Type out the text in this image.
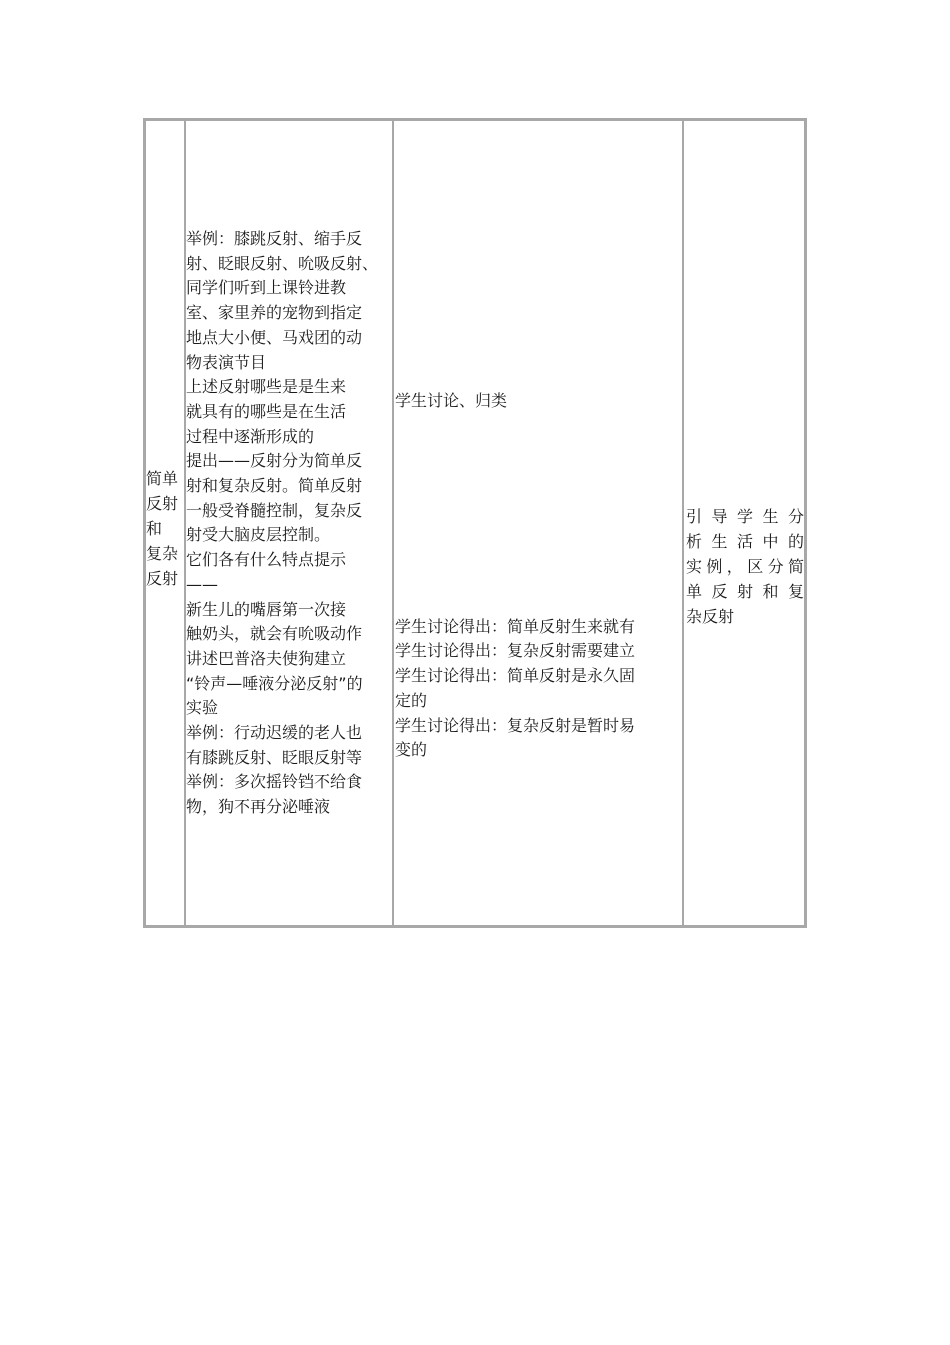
简单
反射
和
复杂
反射

举例：膝跳反射、缩手反
射、眨眼反射、吮吸反射、
同学们听到上课铃进教
室、家里养的宠物到指定
地点大小便、马戏团的动
物表演节目
上述反射哪些是是生来
就具有的哪些是在生活
过程中逐渐形成的
提出——反射分为简单反
射和复杂反射。简单反射
一般受脊髓控制，复杂反
射受大脑皮层控制。
它们各有什么特点提示
——
新生儿的嘴唇第一次接
触奶头，就会有吮吸动作
讲述巴普洛夫使狗建立
“铃声—唾液分泌反射”的
实验
举例：行动迟缓的老人也
有膝跳反射、眨眼反射等
举例：多次摇铃铛不给食
物，狗不再分泌唾液

学生讨论、归类
学生讨论得出：简单反射生来就有
学生讨论得出：复杂反射需要建立
学生讨论得出：简单反射是永久固
定的
学生讨论得出：复杂反射是暂时易
变的

引导学生分
析生活中的
实例，区分简
单反射和复
杂反射
